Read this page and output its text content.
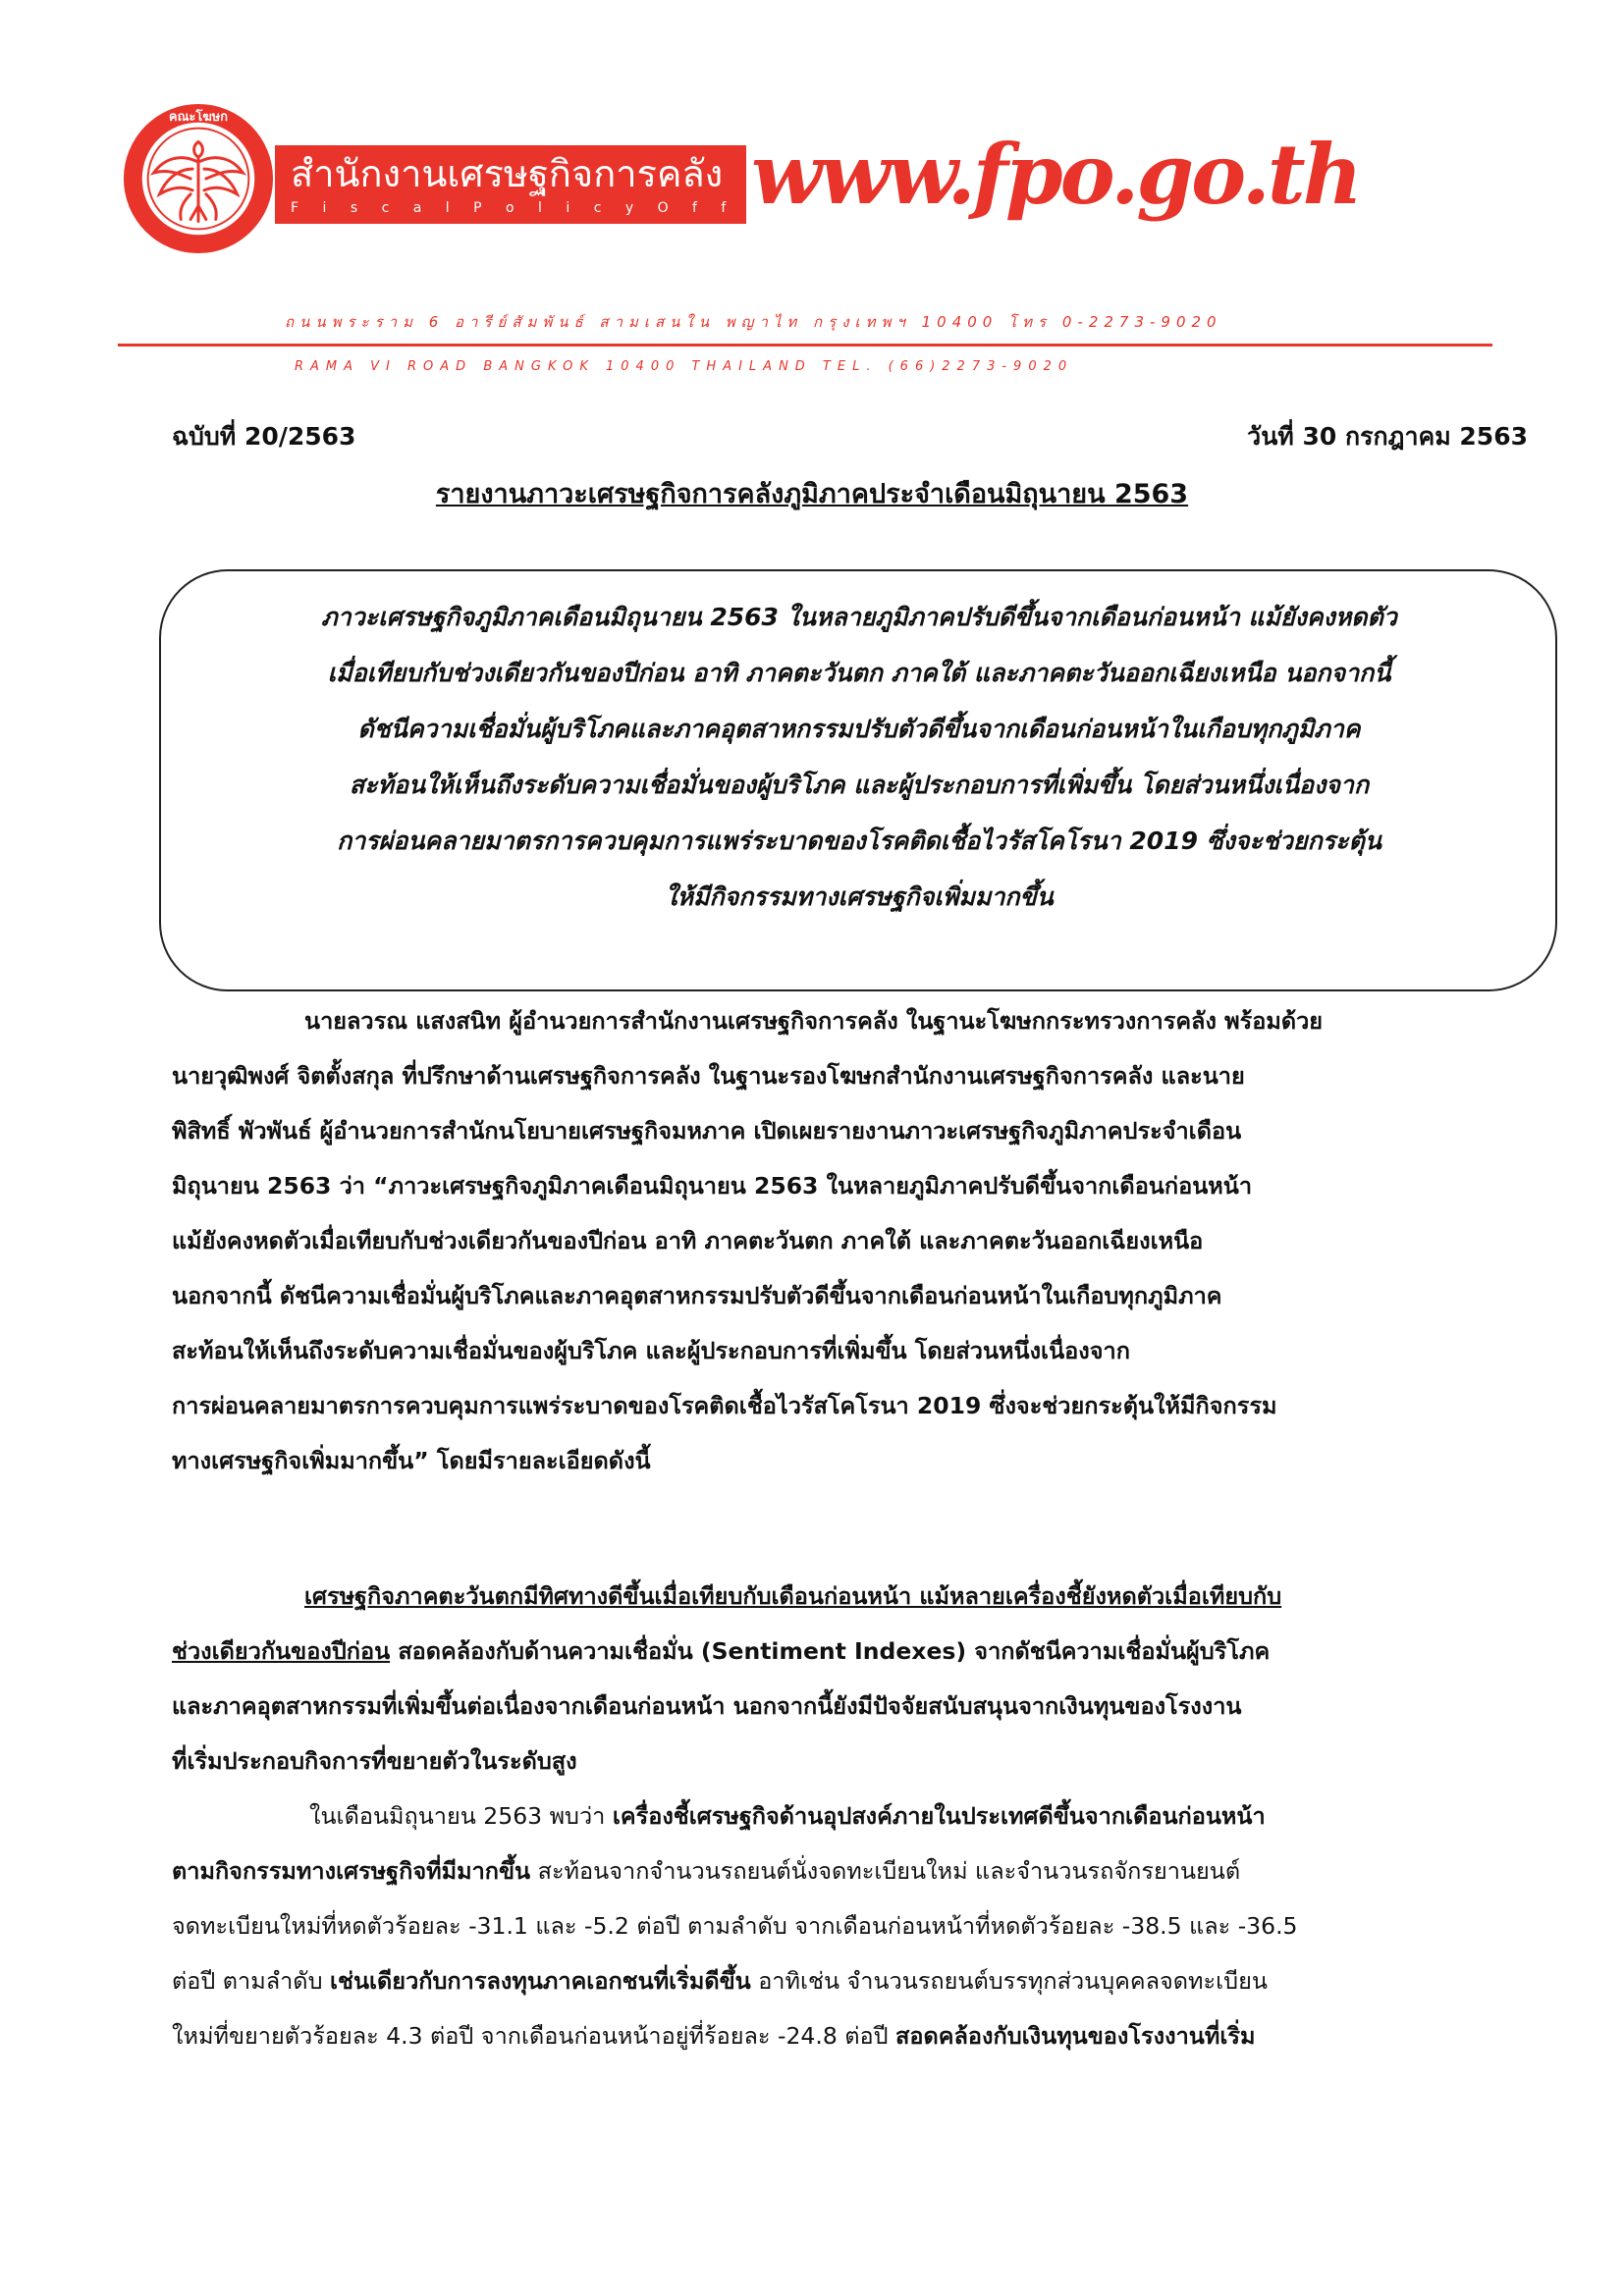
คณะโฆษก
สำนักงานเศรษฐกิจการคลัง
F i s c a l P o l i c y O f f i c e
www.fpo.go.th
ถนนพระราม 6 อารีย์สัมพันธ์ สามเสนใน พญาไท กรุงเทพฯ 10400 โทร 0-2273-9020
RAMA VI ROAD BANGKOK 10400 THAILAND TEL. (66)2273-9020
ฉบับที่ 20/2563	วันที่ 30 กรกฎาคม 2563
รายงานภาวะเศรษฐกิจการคลังภูมิภาคประจำเดือนมิถุนายน 2563
ภาวะเศรษฐกิจภูมิภาคเดือนมิถุนายน 2563 ในหลายภูมิภาคปรับดีขึ้นจากเดือนก่อนหน้า แม้ยังคงหดตัว
เมื่อเทียบกับช่วงเดียวกันของปีก่อน อาทิ ภาคตะวันตก ภาคใต้ และภาคตะวันออกเฉียงเหนือ นอกจากนี้
ดัชนีความเชื่อมั่นผู้บริโภคและภาคอุตสาหกรรมปรับตัวดีขึ้นจากเดือนก่อนหน้าในเกือบทุกภูมิภาค
สะท้อนให้เห็นถึงระดับความเชื่อมั่นของผู้บริโภค และผู้ประกอบการที่เพิ่มขึ้น โดยส่วนหนึ่งเนื่องจาก
การผ่อนคลายมาตรการควบคุมการแพร่ระบาดของโรคติดเชื้อไวรัสโคโรนา 2019 ซึ่งจะช่วยกระตุ้น
ให้มีกิจกรรมทางเศรษฐกิจเพิ่มมากขึ้น
นายลวรณ แสงสนิท ผู้อำนวยการสำนักงานเศรษฐกิจการคลัง ในฐานะโฆษกกระทรวงการคลัง พร้อมด้วย
นายวุฒิพงศ์ จิตตั้งสกุล ที่ปรึกษาด้านเศรษฐกิจการคลัง ในฐานะรองโฆษกสำนักงานเศรษฐกิจการคลัง และนาย
พิสิทธิ์ พัวพันธ์ ผู้อำนวยการสำนักนโยบายเศรษฐกิจมหภาค เปิดเผยรายงานภาวะเศรษฐกิจภูมิภาคประจำเดือน
มิถุนายน 2563 ว่า “ภาวะเศรษฐกิจภูมิภาคเดือนมิถุนายน 2563 ในหลายภูมิภาคปรับดีขึ้นจากเดือนก่อนหน้า
แม้ยังคงหดตัวเมื่อเทียบกับช่วงเดียวกันของปีก่อน อาทิ ภาคตะวันตก ภาคใต้ และภาคตะวันออกเฉียงเหนือ
นอกจากนี้ ดัชนีความเชื่อมั่นผู้บริโภคและภาคอุตสาหกรรมปรับตัวดีขึ้นจากเดือนก่อนหน้าในเกือบทุกภูมิภาค
สะท้อนให้เห็นถึงระดับความเชื่อมั่นของผู้บริโภค และผู้ประกอบการที่เพิ่มขึ้น โดยส่วนหนึ่งเนื่องจาก
การผ่อนคลายมาตรการควบคุมการแพร่ระบาดของโรคติดเชื้อไวรัสโคโรนา 2019 ซึ่งจะช่วยกระตุ้นให้มีกิจกรรม
ทางเศรษฐกิจเพิ่มมากขึ้น” โดยมีรายละเอียดดังนี้
เศรษฐกิจภาคตะวันตกมีทิศทางดีขึ้นเมื่อเทียบกับเดือนก่อนหน้า แม้หลายเครื่องชี้ยังหดตัวเมื่อเทียบกับ
ช่วงเดียวกันของปีก่อน สอดคล้องกับด้านความเชื่อมั่น (Sentiment Indexes) จากดัชนีความเชื่อมั่นผู้บริโภค
และภาคอุตสาหกรรมที่เพิ่มขึ้นต่อเนื่องจากเดือนก่อนหน้า นอกจากนี้ยังมีปัจจัยสนับสนุนจากเงินทุนของโรงงาน
ที่เริ่มประกอบกิจการที่ขยายตัวในระดับสูง
ในเดือนมิถุนายน 2563 พบว่า เครื่องชี้เศรษฐกิจด้านอุปสงค์ภายในประเทศดีขึ้นจากเดือนก่อนหน้า
ตามกิจกรรมทางเศรษฐกิจที่มีมากขึ้น สะท้อนจากจำนวนรถยนต์นั่งจดทะเบียนใหม่ และจำนวนรถจักรยานยนต์
จดทะเบียนใหม่ที่หดตัวร้อยละ -31.1 และ -5.2 ต่อปี ตามลำดับ จากเดือนก่อนหน้าที่หดตัวร้อยละ -38.5 และ -36.5
ต่อปี ตามลำดับ เช่นเดียวกับการลงทุนภาคเอกชนที่เริ่มดีขึ้น อาทิเช่น จำนวนรถยนต์บรรทุกส่วนบุคคลจดทะเบียน
ใหม่ที่ขยายตัวร้อยละ 4.3 ต่อปี จากเดือนก่อนหน้าอยู่ที่ร้อยละ -24.8 ต่อปี สอดคล้องกับเงินทุนของโรงงานที่เริ่ม
